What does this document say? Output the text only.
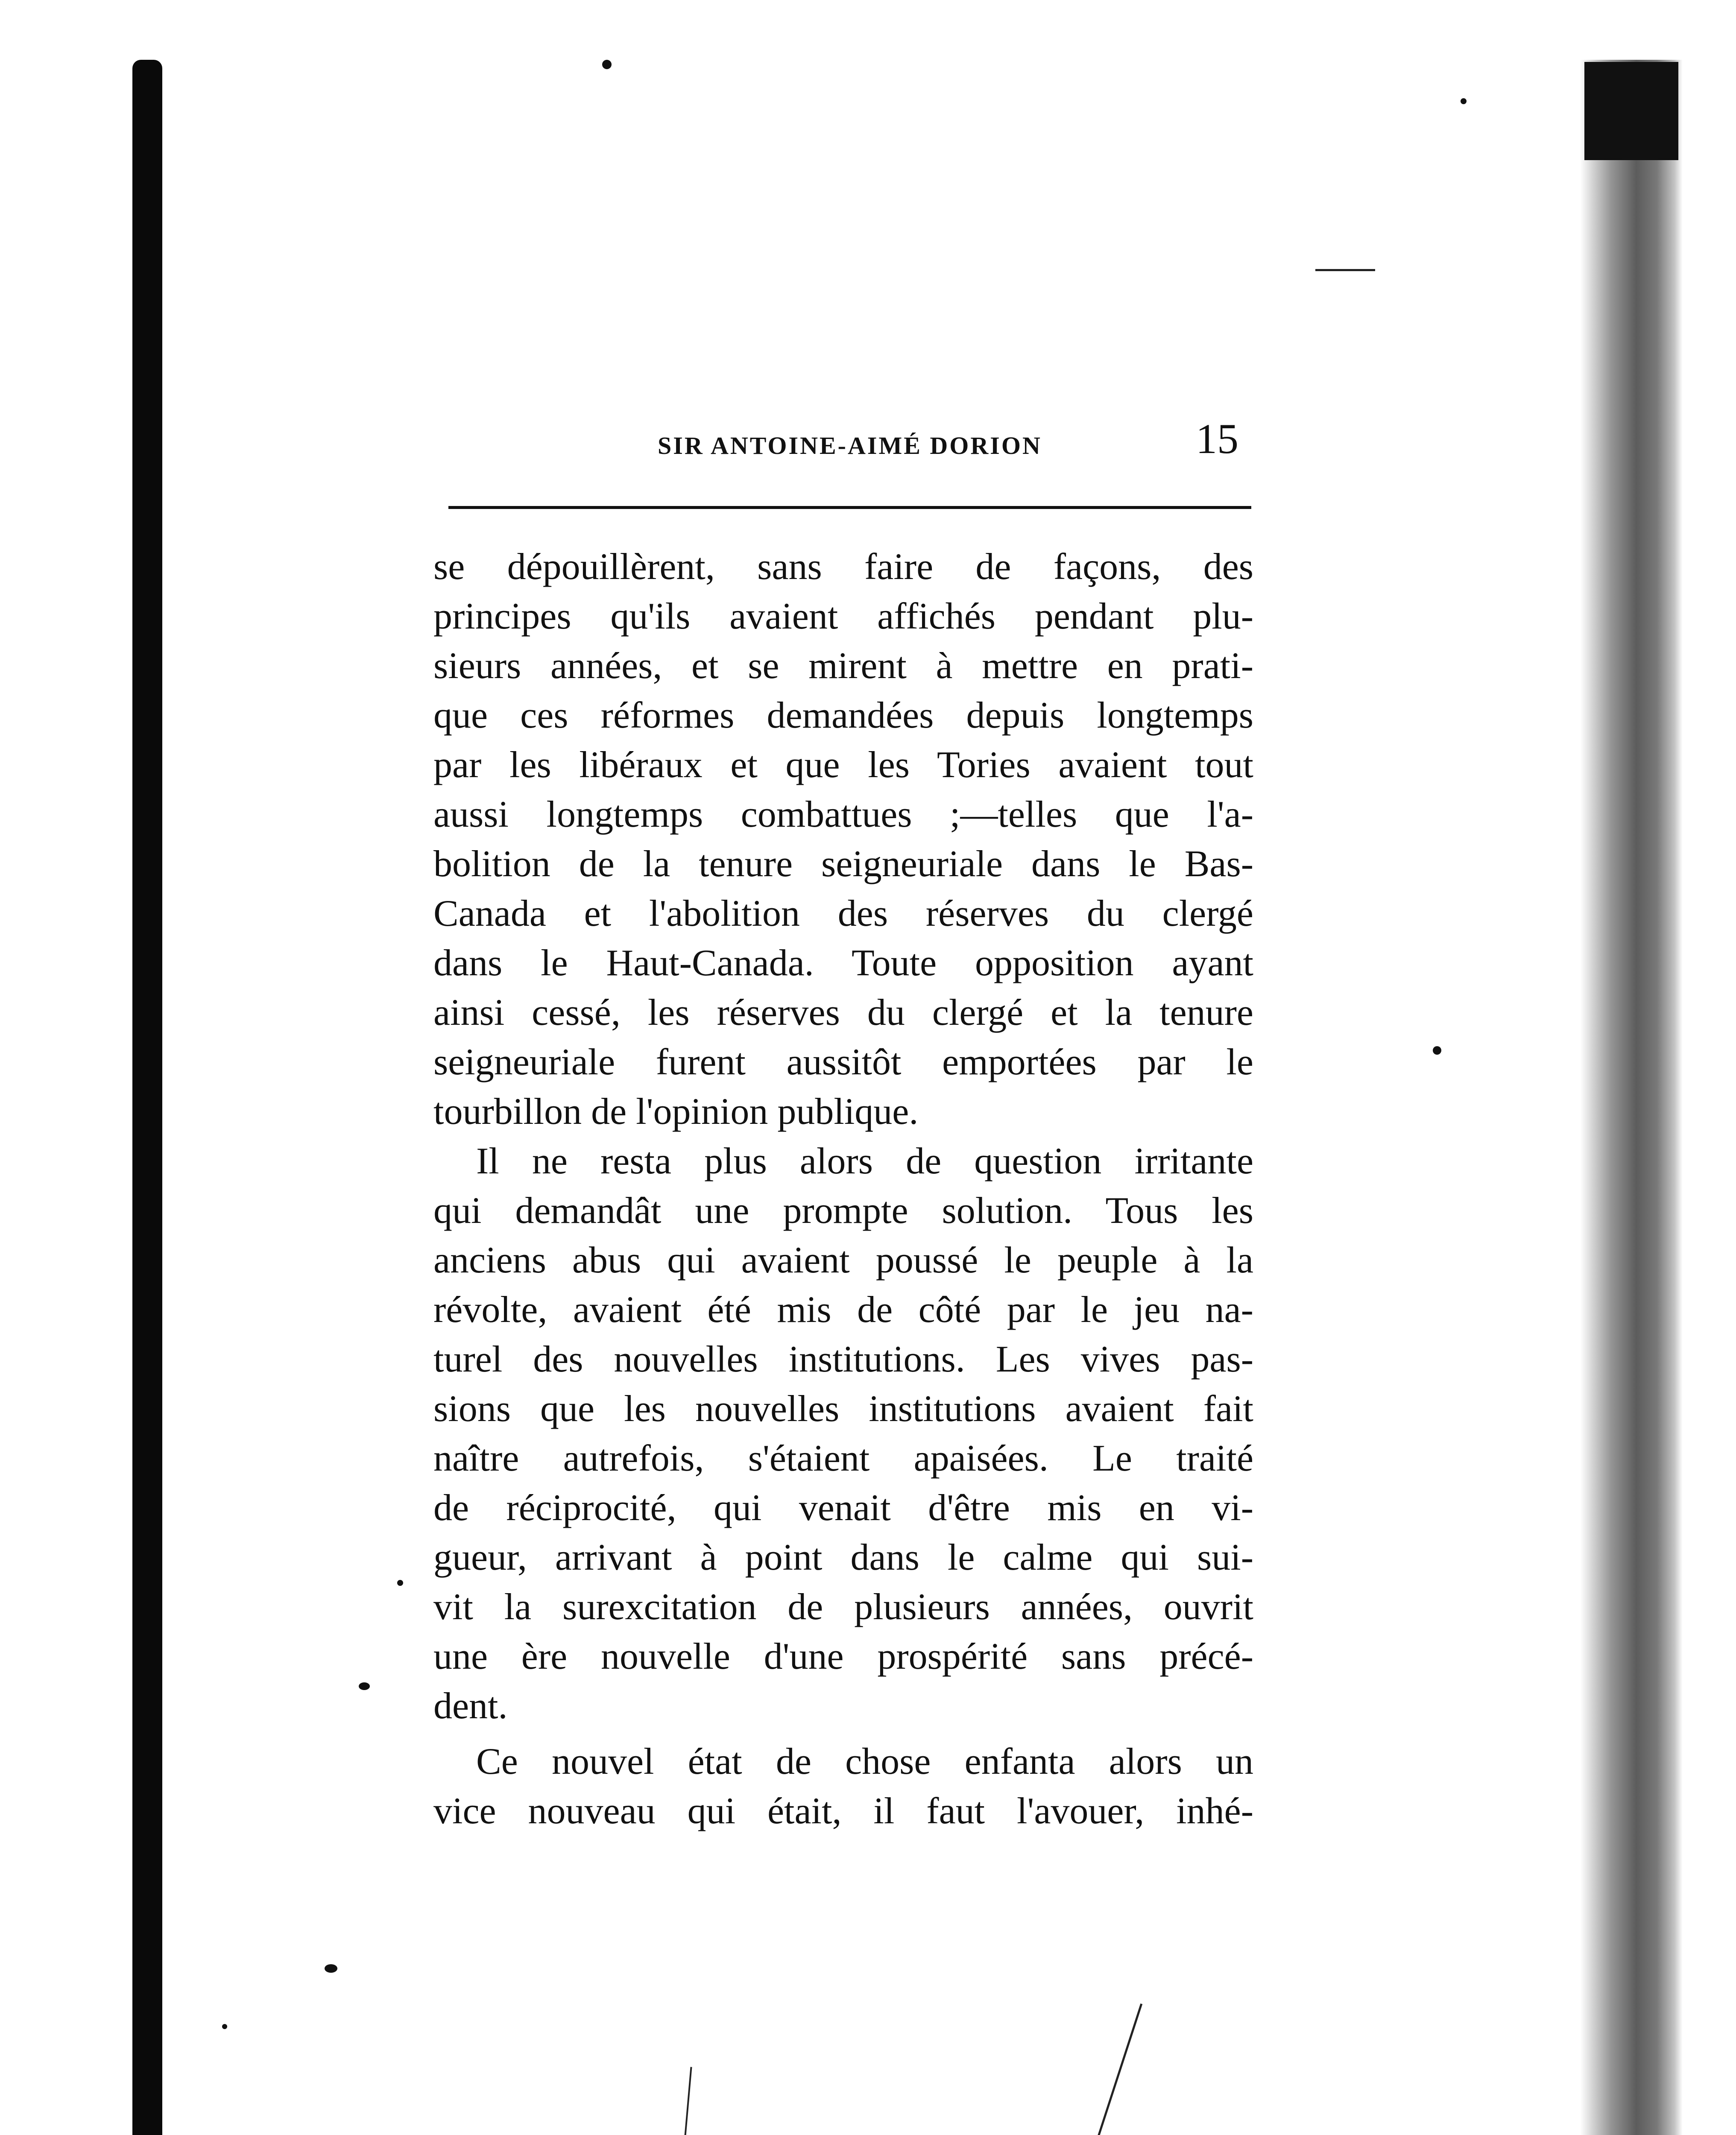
SIR ANTOINE-AIMÉ DORION	15
se dépouillèrent, sans faire de façons, des
principes qu'ils avaient affichés pendant plu-
sieurs années, et se mirent à mettre en prati-
que ces réformes demandées depuis longtemps
par les libéraux et que les Tories avaient tout
aussi longtemps combattues ;—telles que l'a-
bolition de la tenure seigneuriale dans le Bas-
Canada et l'abolition des réserves du clergé
dans le Haut-Canada. Toute opposition ayant
ainsi cessé, les réserves du clergé et la tenure
seigneuriale furent aussitôt emportées par le
tourbillon de l'opinion publique.
Il ne resta plus alors de question irritante
qui demandât une prompte solution. Tous les
anciens abus qui avaient poussé le peuple à la
révolte, avaient été mis de côté par le jeu na-
turel des nouvelles institutions. Les vives pas-
sions que les nouvelles institutions avaient fait
naître autrefois, s'étaient apaisées. Le traité
de réciprocité, qui venait d'être mis en vi-
gueur, arrivant à point dans le calme qui sui-
vit la surexcitation de plusieurs années, ouvrit
une ère nouvelle d'une prospérité sans précé-
dent.
Ce nouvel état de chose enfanta alors un
vice nouveau qui était, il faut l'avouer, inhé-
